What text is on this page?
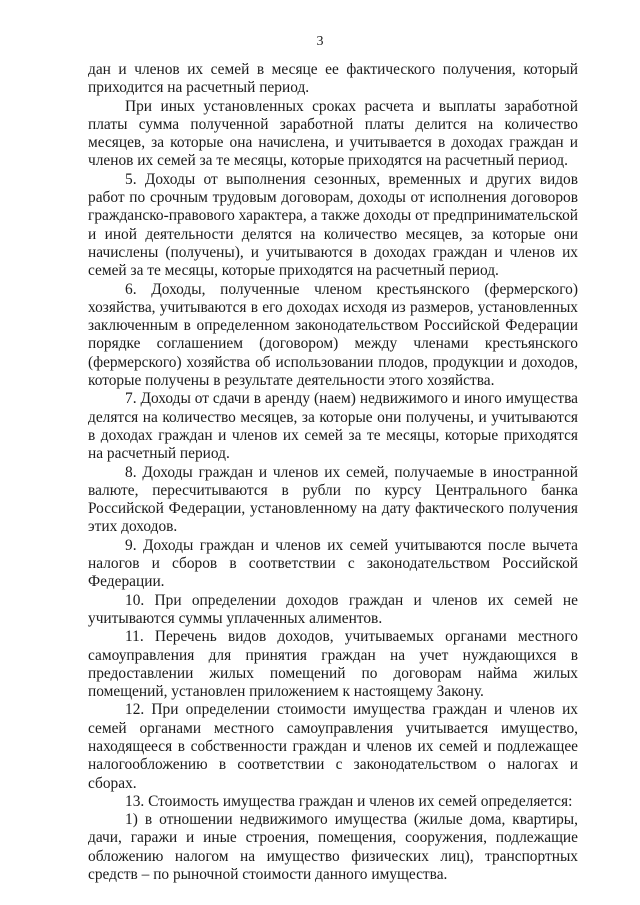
3

дан и членов их семей в месяце ее фактического получения, который приходится на расчетный период.

При иных установленных сроках расчета и выплаты заработной платы сумма полученной заработной платы делится на количество месяцев, за которые она начислена, и учитывается в доходах граждан и членов их семей за те месяцы, которые приходятся на расчетный период.

5. Доходы от выполнения сезонных, временных и других видов работ по срочным трудовым договорам, доходы от исполнения договоров гражданско-правового характера, а также доходы от предпринимательской и иной деятельности делятся на количество месяцев, за которые они начислены (получены), и учитываются в доходах граждан и членов их семей за те месяцы, которые приходятся на расчетный период.

6. Доходы, полученные членом крестьянского (фермерского) хозяйства, учитываются в его доходах исходя из размеров, установленных заключенным в определенном законодательством Российской Федерации порядке соглашением (договором) между членами крестьянского (фермерского) хозяйства об использовании плодов, продукции и доходов, которые получены в результате деятельности этого хозяйства.

7. Доходы от сдачи в аренду (наем) недвижимого и иного имущества делятся на количество месяцев, за которые они получены, и учитываются в доходах граждан и членов их семей за те месяцы, которые приходятся на расчетный период.

8. Доходы граждан и членов их семей, получаемые в иностранной валюте, пересчитываются в рубли по курсу Центрального банка Российской Федерации, установленному на дату фактического получения этих доходов.

9. Доходы граждан и членов их семей учитываются после вычета налогов и сборов в соответствии с законодательством Российской Федерации.

10. При определении доходов граждан и членов их семей не учитываются суммы уплаченных алиментов.

11. Перечень видов доходов, учитываемых органами местного самоуправления для принятия граждан на учет нуждающихся в предоставлении жилых помещений по договорам найма жилых помещений, установлен приложением к настоящему Закону.

12. При определении стоимости имущества граждан и членов их семей органами местного самоуправления учитывается имущество, находящееся в собственности граждан и членов их семей и подлежащее налогообложению в соответствии с законодательством о налогах и сборах.

13. Стоимость имущества граждан и членов их семей определяется:

1) в отношении недвижимого имущества (жилые дома, квартиры, дачи, гаражи и иные строения, помещения, сооружения, подлежащие обложению налогом на имущество физических лиц), транспортных средств – по рыночной стоимости данного имущества.
